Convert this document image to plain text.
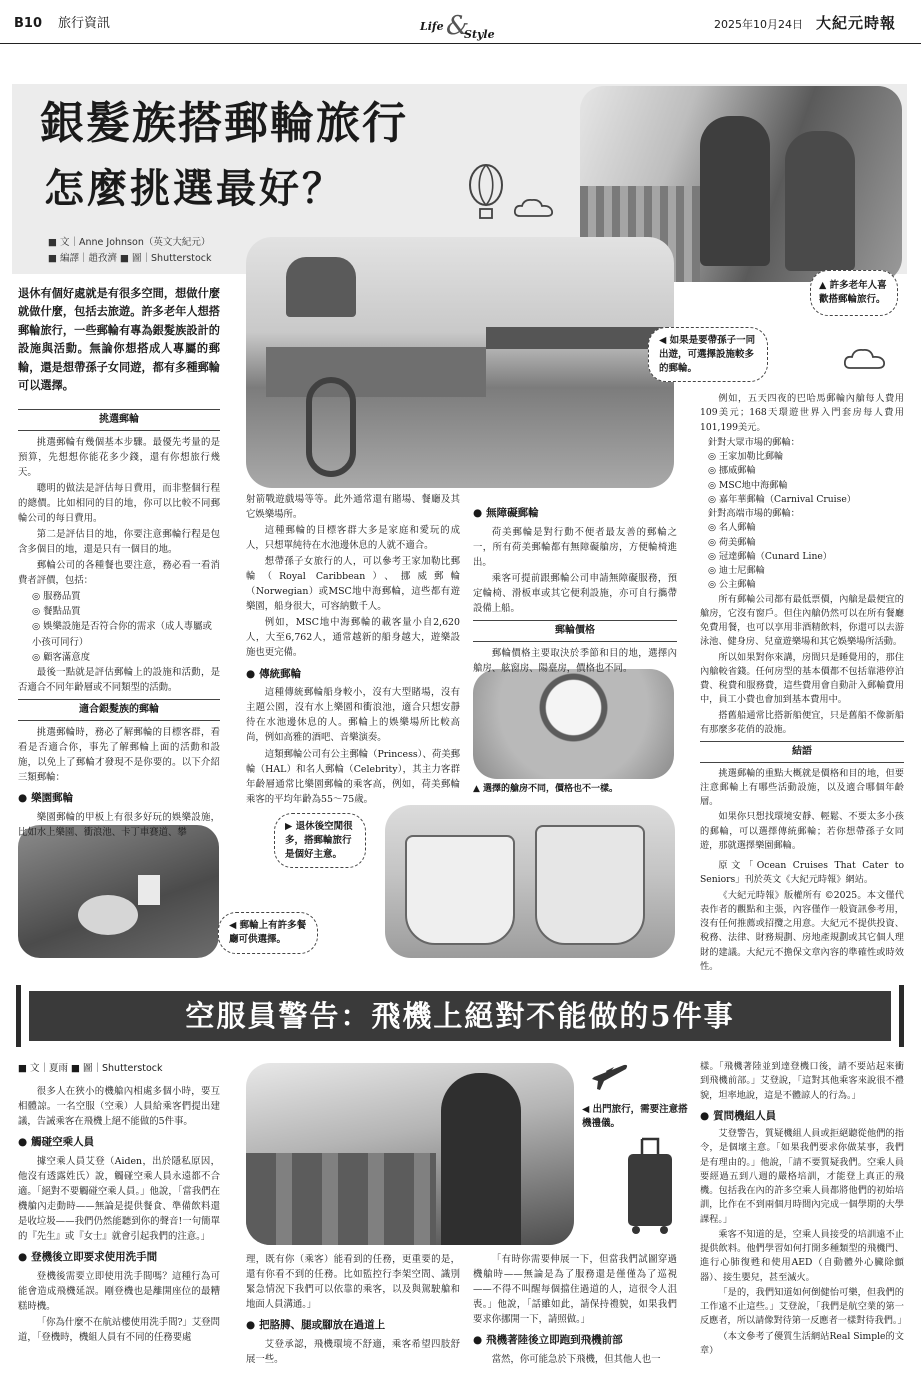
B10 旅行資訊	Life &
Style
2025年10月24日 大紀元時報
銀髮族搭郵輪旅行
怎麼挑選最好？
■ 文｜Anne Johnson（英文大紀元）
■ 編譯｜趙孜濟 ■ 圖｜Shutterstock
▲ 許多老年人喜歡搭郵輪旅行。
◀ 如果是要帶孫子一同出遊，可選擇設施較多的郵輪。
▲ 選擇的艙房不同，價格也不一樣。
▶ 退休後空閒很多，搭郵輪旅行是個好主意。
◀ 郵輪上有許多餐廳可供選擇。
退休有個好處就是有很多空間，想做什麼就做什麼，包括去旅遊。許多老年人想搭郵輪旅行，一些郵輪有專為銀髮族設計的設施與活動。無論你想搭成人專屬的郵輪，還是想帶孫子女同遊，都有多種郵輪可以選擇。
挑選郵輪

挑選郵輪有幾個基本步驟。最優先考量的是預算，先想想你能花多少錢，還有你想旅行幾天。

聰明的做法是評估每日費用，而非整個行程的總價。比如相同的目的地，你可以比較不同郵輪公司的每日費用。

第二是評估目的地，你要注意郵輪行程是包含多個目的地，還是只有一個目的地。

郵輪公司的各種餐也要注意，務必看一看消費者評價，包括：

◎ 服務品質
◎ 餐點品質
◎ 娛樂設施是否符合你的需求（成人專屬或小孩可同行）
◎ 顧客滿意度

最後一點就是評估郵輪上的設施和活動，是否適合不同年齡層或不同類型的活動。

適合銀髮族的郵輪

挑選郵輪時，務必了解郵輪的目標客群，看看是否適合你，事先了解郵輪上面的活動和設施，以免上了郵輪才發現不是你要的。以下介紹三類郵輪：

● 樂園郵輪

樂園郵輪的甲板上有很多好玩的娛樂設施，比如水上樂園、衝浪池、卡丁車賽道、攀

射箭戰遊戲場等等。此外通常還有賭場、餐廳及其它娛樂場所。

這種郵輪的目標客群大多是家庭和愛玩的成人，只想單純待在水池邊休息的人就不適合。

想帶孫子女旅行的人，可以參考王家加勒比郵輪（Royal Caribbean）、挪威郵輪（Norwegian）或MSC地中海郵輪，這些都有遊樂園，船身很大，可容納數千人。

例如，MSC地中海郵輪的載客量小自2,620人，大至6,762人，通常越新的船身越大，遊樂設施也更完備。

● 傳統郵輪

這種傳統郵輪船身較小，沒有大型賭場，沒有主題公園，沒有水上樂園和衝浪池，適合只想安靜待在水池邊休息的人。郵輪上的娛樂場所比較高尚，例如高雅的酒吧、音樂演奏。

這類郵輪公司有公主郵輪（Princess）、荷美郵輪（HAL）和名人郵輪（Celebrity），其主力客群年齡層通常比樂園郵輪的乘客高，例如，荷美郵輪乘客的平均年齡為55～75歲。

● 無障礙郵輪

荷美郵輪是對行動不便者最友善的郵輪之一，所有荷美郵輪都有無障礙艙房，方便輪椅進出。

乘客可提前跟郵輪公司申請無障礙服務，預定輪椅、滑板車或其它便利設施，亦可自行攜帶設備上船。

郵輪價格

郵輪價格主要取決於季節和目的地，選擇內艙房、舷窗房、陽臺房，價格也不同。

例如，五天四夜的巴哈馬郵輪內艙每人費用109美元；168天環遊世界入門套房每人費用101,199美元。

針對大眾市場的郵輪：
◎ 王家加勒比郵輪
◎ 挪威郵輪
◎ MSC地中海郵輪
◎ 嘉年華郵輪（Carnival Cruise）
針對高端市場的郵輪：
◎ 名人郵輪
◎ 荷美郵輪
◎ 冠達郵輪（Cunard Line）
◎ 迪士尼郵輪
◎ 公主郵輪

所有郵輪公司都有最低票價，內艙是最便宜的艙房，它沒有窗戶。但住內艙仍然可以在所有餐廳免費用餐，也可以享用非酒精飲料，你還可以去游泳池、健身房、兒童遊樂場和其它娛樂場所活動。

所以如果對你來講，房間只是睡覺用的，那住內艙較省錢。任何房型的基本價都不包括靠港停泊費、稅費和服務費，這些費用會自動計入郵輪費用中，員工小費也會加到基本費用中。

搭舊船通常比搭新船便宜，只是舊船不像新船有那麼多花俏的設施。

結語

挑選郵輪的重點大概就是價格和目的地，但要注意郵輪上有哪些活動設施，以及適合哪個年齡層。

如果你只想找環境安靜、輕鬆、不要太多小孩的郵輪，可以選擇傳統郵輪；若你想帶孫子女同遊，那就選擇樂園郵輪。

原文「Ocean Cruises That Cater to Seniors」刊於英文《大紀元時報》網站。

《大紀元時報》版權所有 ©2025。本文僅代表作者的觀點和主張，內容僅作一般資訊參考用，沒有任何推薦或招攬之用意。大紀元不提供投資、稅務、法律、財務規劃、房地產規劃或其它個人理財的建議。大紀元不擔保文章內容的準確性或時效性。

空服員警告：飛機上絕對不能做的5件事
■ 文｜夏雨 ■ 圖｜Shutterstock
◀ 出門旅行，需要注意搭機禮儀。

很多人在狹小的機艙內相處多個小時，要互相體諒。一名空服（空乘）人員給乘客們提出建議，告誡乘客在飛機上絕不能做的5件事。

● 觸碰空乘人員

據空乘人員艾登（Aiden，出於隱私原因，他沒有透露姓氏）說，觸碰空乘人員永遠都不合適。「絕對不要觸碰空乘人員。」他說，「當我們在機艙內走動時——無論是提供餐食、準備飲料還是收垃圾——我們仍然能聽到你的聲音!一句簡單的『先生』或『女士』就會引起我們的注意。」

● 登機後立即要求使用洗手間

登機後需要立即使用洗手間嗎？這種行為可能會造成飛機延誤。剛登機也是離開座位的最糟糕時機。

「你為什麼不在航站樓使用洗手間?」艾登問道，「登機時，機組人員有不同的任務要處

理，既有你（乘客）能看到的任務，更重要的是，還有你看不到的任務。比如監控行李架空間、識別緊急情況下我們可以依靠的乘客，以及與駕駛艙和地面人員溝通。」

● 把胳膊、腿或腳放在過道上

艾登承認，飛機環境不舒適，乘客希望四肢舒展一些。

「有時你需要伸展一下，但當我們試圖穿過機艙時——無論是為了服務還是僅僅為了巡視——不得不叫醒每個擋住過道的人，這很令人沮喪。」他說，「話雖如此，請保持禮貌，如果我們要求你挪開一下，請照做。」

● 飛機著陸後立即跑到飛機前部

當然，你可能急於下飛機，但其他人也一

樣。「飛機著陸並到達登機口後，請不要站起來衝到飛機前部。」艾登說，「這對其他乘客來說很不禮貌，坦率地說，這是不體諒人的行為。」

● 質問機組人員

艾登警告，質疑機組人員或拒絕聽從他們的指令，是個壞主意。「如果我們要求你做某事，我們是有理由的。」他說，「請不要質疑我們。空乘人員要經過五到八週的嚴格培訓，才能登上真正的飛機。包括我在內的許多空乘人員都將他們的初始培訓，比作在不到兩個月時間內完成一個學期的大學課程。」

乘客不知道的是，空乘人員接受的培訓遠不止提供飲料。他們學習如何打開多種類型的飛機門、進行心肺復甦和使用AED（自動體外心臟除顫器）、接生嬰兒，甚至滅火。

「是的，我們知道如何倒健怡可樂，但我們的工作遠不止這些。」艾登說，「我們是航空業的第一反應者，所以請像對待第一反應者一樣對待我們。」

（本文參考了優質生活網站Real Simple的文章）
